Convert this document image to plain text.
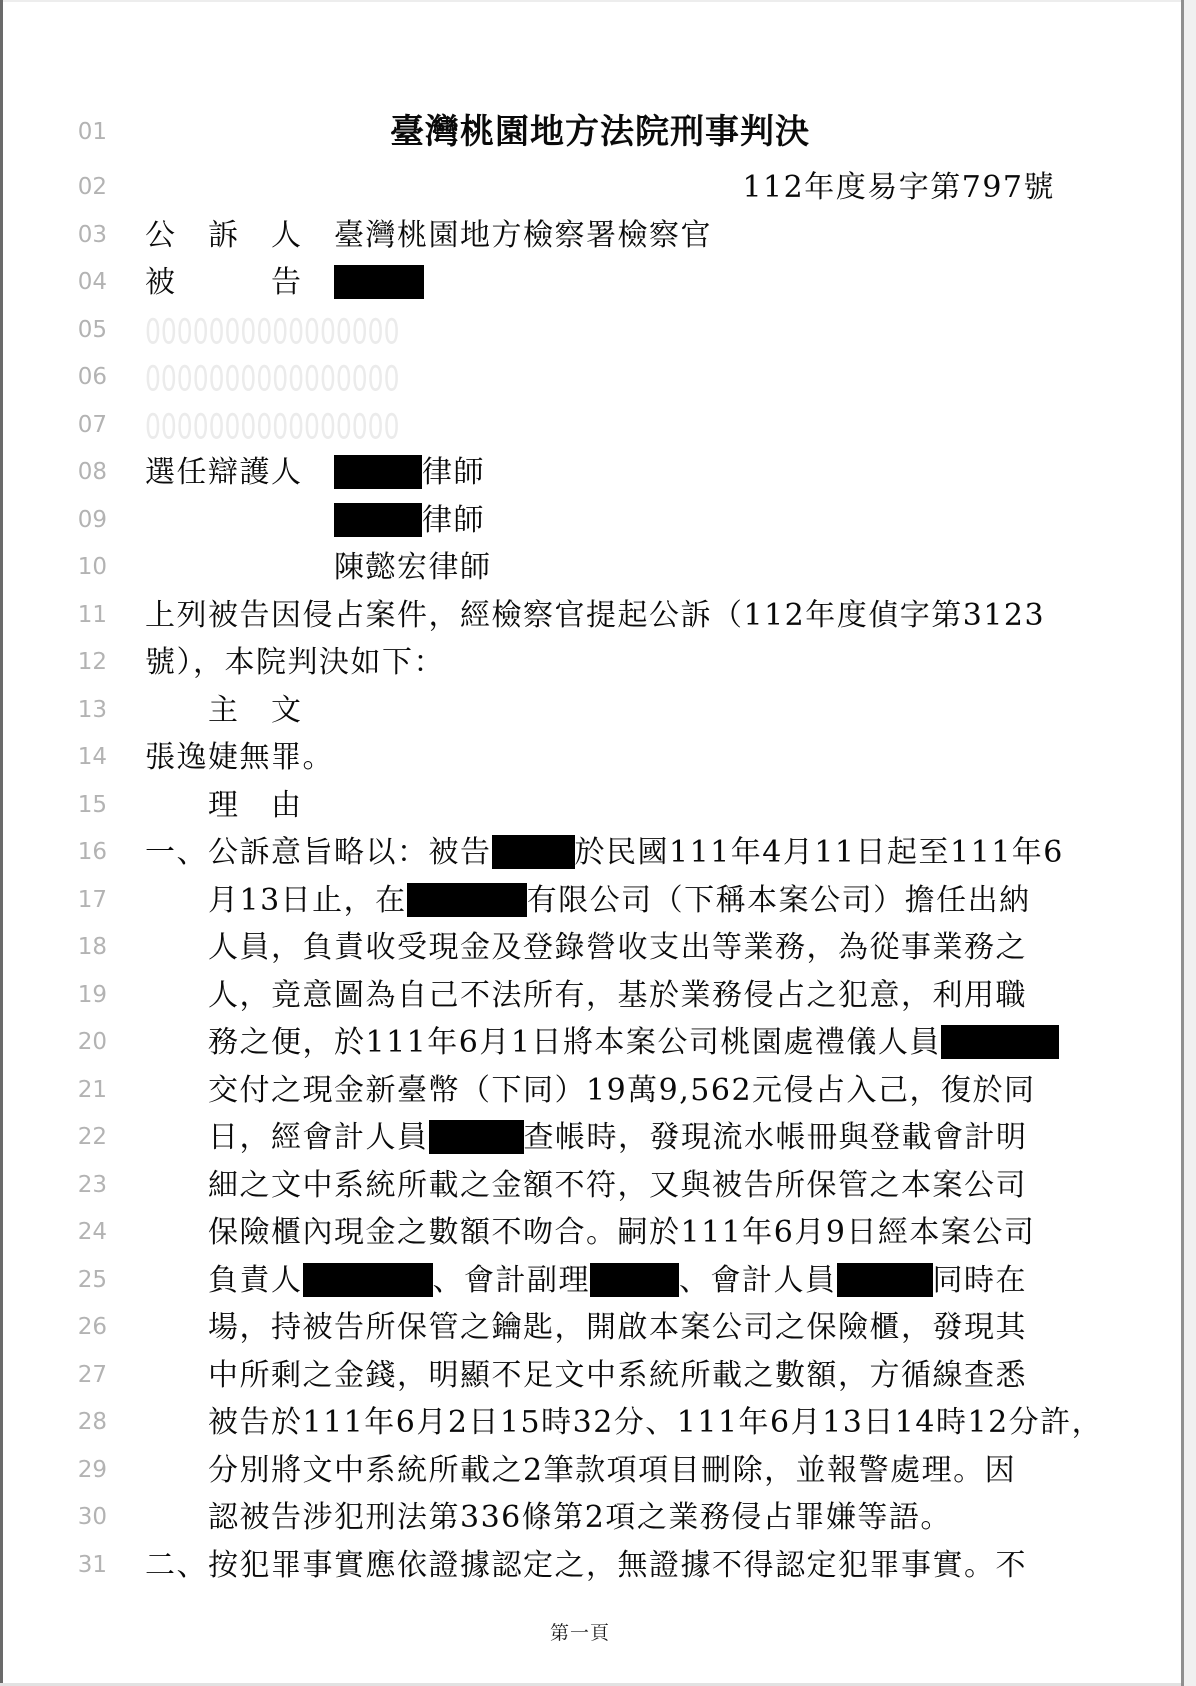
01	臺灣桃園地方法院刑事判決
02	112年度易字第797號
03	公　訴　人　臺灣桃園地方檢察署檢察官
04	被　　　告　
05	0000000000000000
06	0000000000000000
07	0000000000000000
08	選任辯護人　	律師
09	律師
10	陳懿宏律師
11	上列被告因侵占案件，經檢察官提起公訴（112年度偵字第3123
12	號），本院判決如下：
13	主　文
14	張逸婕無罪。
15	理　由
16	一、公訴意旨略以：被告	於民國111年4月11日起至111年6
17	月13日止，在	有限公司（下稱本案公司）擔任出納
18	人員，負責收受現金及登錄營收支出等業務，為從事業務之
19	人，竟意圖為自己不法所有，基於業務侵占之犯意，利用職
20	務之便，於111年6月1日將本案公司桃園處禮儀人員
21	交付之現金新臺幣（下同）19萬9,562元侵占入己，復於同
22	日，經會計人員	查帳時，發現流水帳冊與登載會計明
23	細之文中系統所載之金額不符，又與被告所保管之本案公司
24	保險櫃內現金之數額不吻合。嗣於111年6月9日經本案公司
25	負責人	、會計副理	、會計人員	同時在
26	場，持被告所保管之鑰匙，開啟本案公司之保險櫃，發現其
27	中所剩之金錢，明顯不足文中系統所載之數額，方循線查悉
28	被告於111年6月2日15時32分、111年6月13日14時12分許，
29	分別將文中系統所載之2筆款項項目刪除，並報警處理。因
30	認被告涉犯刑法第336條第2項之業務侵占罪嫌等語。
31	二、按犯罪事實應依證據認定之，無證據不得認定犯罪事實。不
第一頁
